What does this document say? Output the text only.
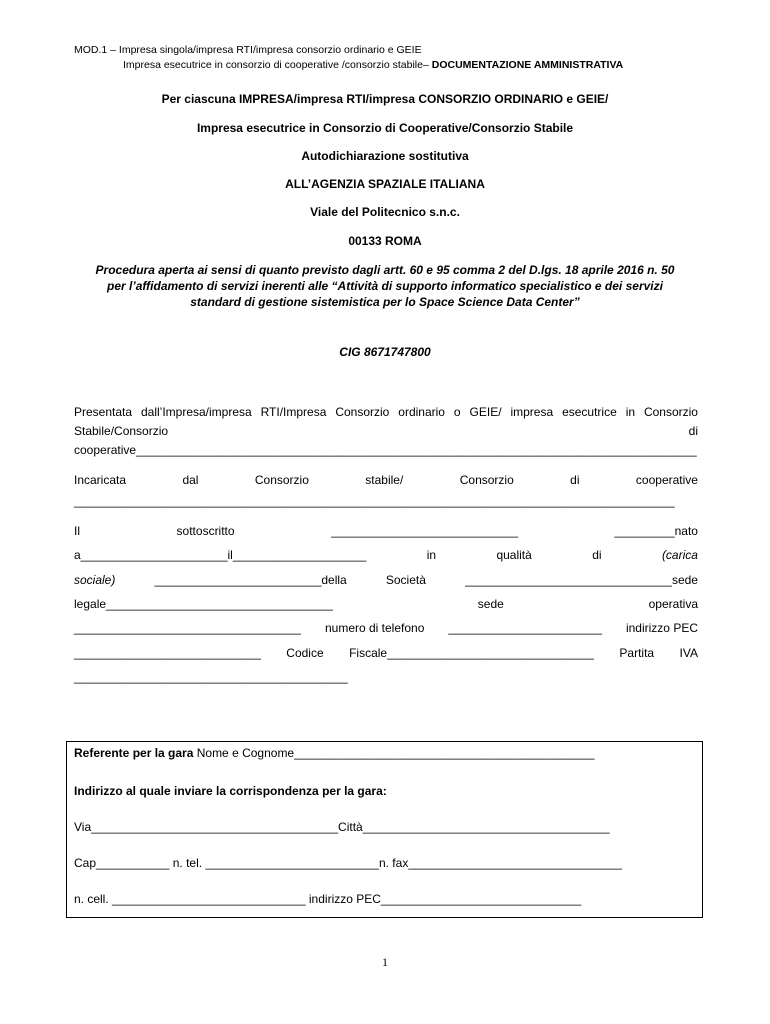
MOD.1 – Impresa singola/impresa RTI/impresa consorzio ordinario e GEIE
Impresa esecutrice in consorzio di cooperative /consorzio stabile– DOCUMENTAZIONE AMMINISTRATIVA
Per ciascuna IMPRESA/impresa RTI/impresa CONSORZIO ORDINARIO e GEIE/
Impresa esecutrice in Consorzio di Cooperative/Consorzio Stabile
Autodichiarazione sostitutiva
ALL’AGENZIA SPAZIALE ITALIANA
Viale del Politecnico s.n.c.
00133 ROMA
Procedura aperta ai sensi di quanto previsto dagli artt. 60 e 95 comma 2 del D.lgs. 18 aprile 2016 n. 50
per l’affidamento di servizi inerenti alle “Attività di supporto informatico specialistico e dei servizi
standard di gestione sistemistica per lo Space Science Data Center”
CIG 8671747800
Presentata dall’Impresa/impresa RTI/Impresa Consorzio ordinario o GEIE/ impresa esecutrice in Consorzio
Stabile/Consorzio	di
cooperative____________________________________________________________________________________
Incaricata	dal	Consorzio	stabile/	Consorzio	di	cooperative
__________________________________________________________________________________________
Il	sottoscritto	____________________________	_________nato
a______________________il____________________	in	qualità	di	(carica
sociale)	_________________________della	Società	_______________________________sede
legale__________________________________	sede	operativa
__________________________________ numero di telefono _______________________ indirizzo PEC
____________________________ Codice Fiscale_______________________________ Partita IVA
_________________________________________
Referente per la gara Nome e Cognome_____________________________________________
Indirizzo al quale inviare la corrispondenza per la gara:
Via_____________________________________Città_____________________________________
Cap___________ n. tel. __________________________n. fax________________________________
n. cell. _____________________________ indirizzo PEC______________________________
1
